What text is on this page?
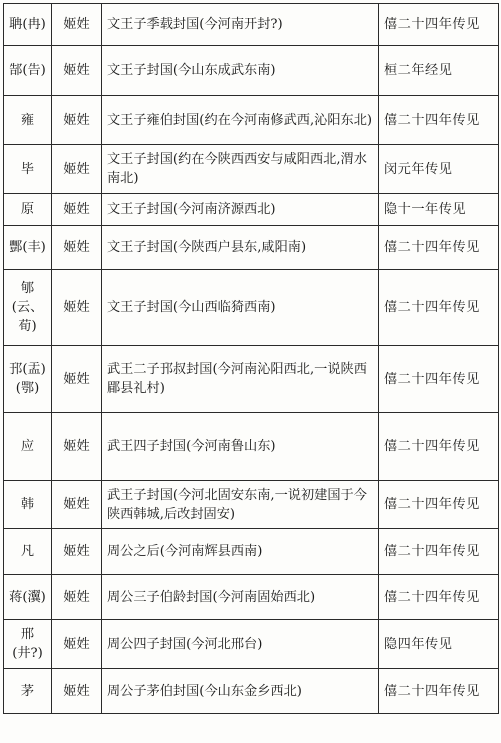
聃(冉)	姬姓	文王子季载封国(今河南开封?)	僖二十四年传见
郜(告)	姬姓	文王子封国(今山东成武东南)	桓二年经见
雍	姬姓	文王子雍伯封国(约在今河南修武西,沁阳东北)	僖二十四年传见
毕	姬姓	文王子封国(约在今陕西西安与咸阳西北,渭水南北)	闵元年传见
原	姬姓	文王子封国(今河南济源西北)	隐十一年传见
酆(丰)	姬姓	文王子封国(今陕西户县东,咸阳南)	僖二十四年传见
郇(云、荀)	姬姓	文王子封国(今山西临猗西南)	僖二十四年传见
邘(盂)(鄂)	姬姓	武王二子邘叔封国(今河南沁阳西北,一说陕西郿县礼村)	僖二十四年传见
应	姬姓	武王四子封国(今河南鲁山东)	僖二十四年传见
韩	姬姓	武王子封国(今河北固安东南,一说初建国于今陕西韩城,后改封固安)	僖二十四年传见
凡	姬姓	周公之后(今河南辉县西南)	僖二十四年传见
蒋(瀷)	姬姓	周公三子伯龄封国(今河南固始西北)	僖二十四年传见
邢(井?)	姬姓	周公四子封国(今河北邢台)	隐四年传见
茅	姬姓	周公子茅伯封国(今山东金乡西北)	僖二十四年传见
